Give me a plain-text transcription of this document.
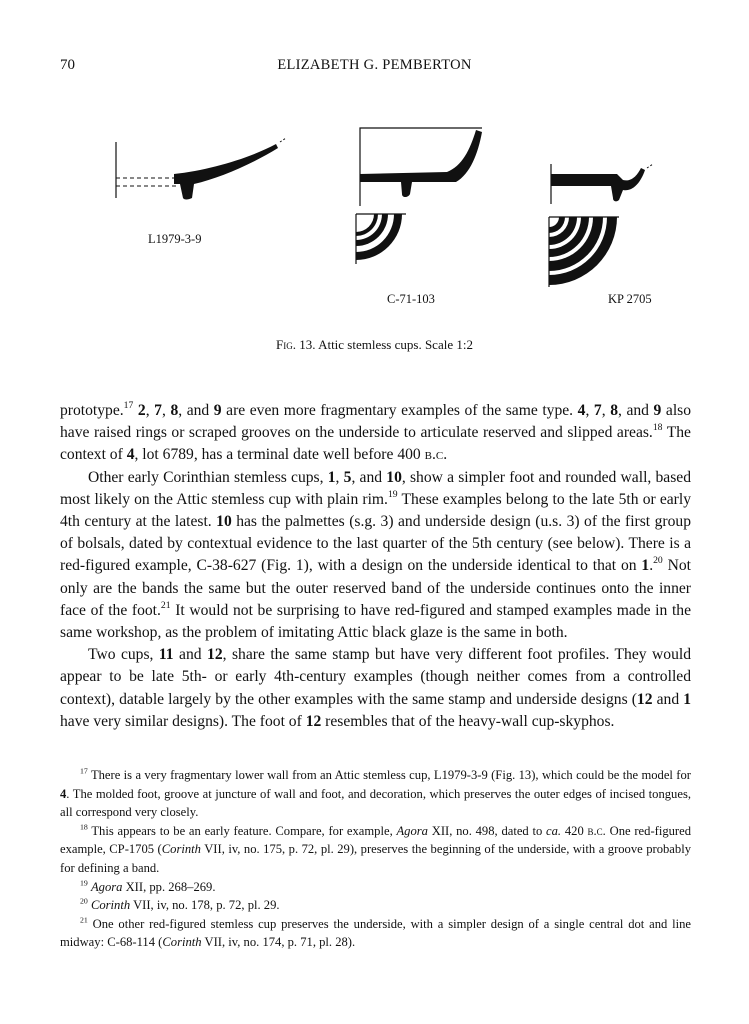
70	ELIZABETH G. PEMBERTON
L1979-3-9
C-71-103	KP 2705
Fig. 13. Attic stemless cups. Scale 1:2

prototype.$^{17}$ 2, 7, 8, and 9 are even more fragmentary examples of the same type. 4, 7, 8, and 9 also have raised rings or scraped grooves on the underside to articulate reserved and slipped areas.$^{18}$ The context of 4, lot 6789, has a terminal date well before 400 b.c.

Other early Corinthian stemless cups, 1, 5, and 10, show a simpler foot and rounded wall, based most likely on the Attic stemless cup with plain rim.$^{19}$ These examples belong to the late 5th or early 4th century at the latest. 10 has the palmettes (s.g. 3) and underside design (u.s. 3) of the first group of bolsals, dated by contextual evidence to the last quarter of the 5th century (see below). There is a red-figured example, C-38-627 (Fig. 1), with a design on the underside identical to that on 1.20 Not only are the bands the same but the outer reserved band of the underside continues onto the inner face of the foot.$^{21}$ It would not be surprising to have red-figured and stamped examples made in the same workshop, as the problem of imitating Attic black glaze is the same in both.

Two cups, 11 and 12, share the same stamp but have very different foot profiles. They would appear to be late 5th- or early 4th-century examples (though neither comes from a controlled context), datable largely by the other examples with the same stamp and underside designs (12 and 1 have very similar designs). The foot of 12 resembles that of the heavy-wall cup-skyphos.

$^{17}$ There is a very fragmentary lower wall from an Attic stemless cup, L1979-3-9 (Fig. 13), which could be the model for 4. The molded foot, groove at juncture of wall and foot, and decoration, which preserves the outer edges of incised tongues, all correspond very closely.

$^{18}$ This appears to be an early feature. Compare, for example, Agora XII, no. 498, dated to ca. 420 b.c. One red-figured example, CP-1705 (Corinth VII, iv, no. 175, p. 72, pl. 29), preserves the beginning of the underside, with a groove probably for defining a band.

$^{19}$ Agora XII, pp. 268–269.

$^{20}$ Corinth VII, iv, no. 178, p. 72, pl. 29.

$^{21}$ One other red-figured stemless cup preserves the underside, with a simpler design of a single central dot and line midway: C-68-114 (Corinth VII, iv, no. 174, p. 71, pl. 28).
